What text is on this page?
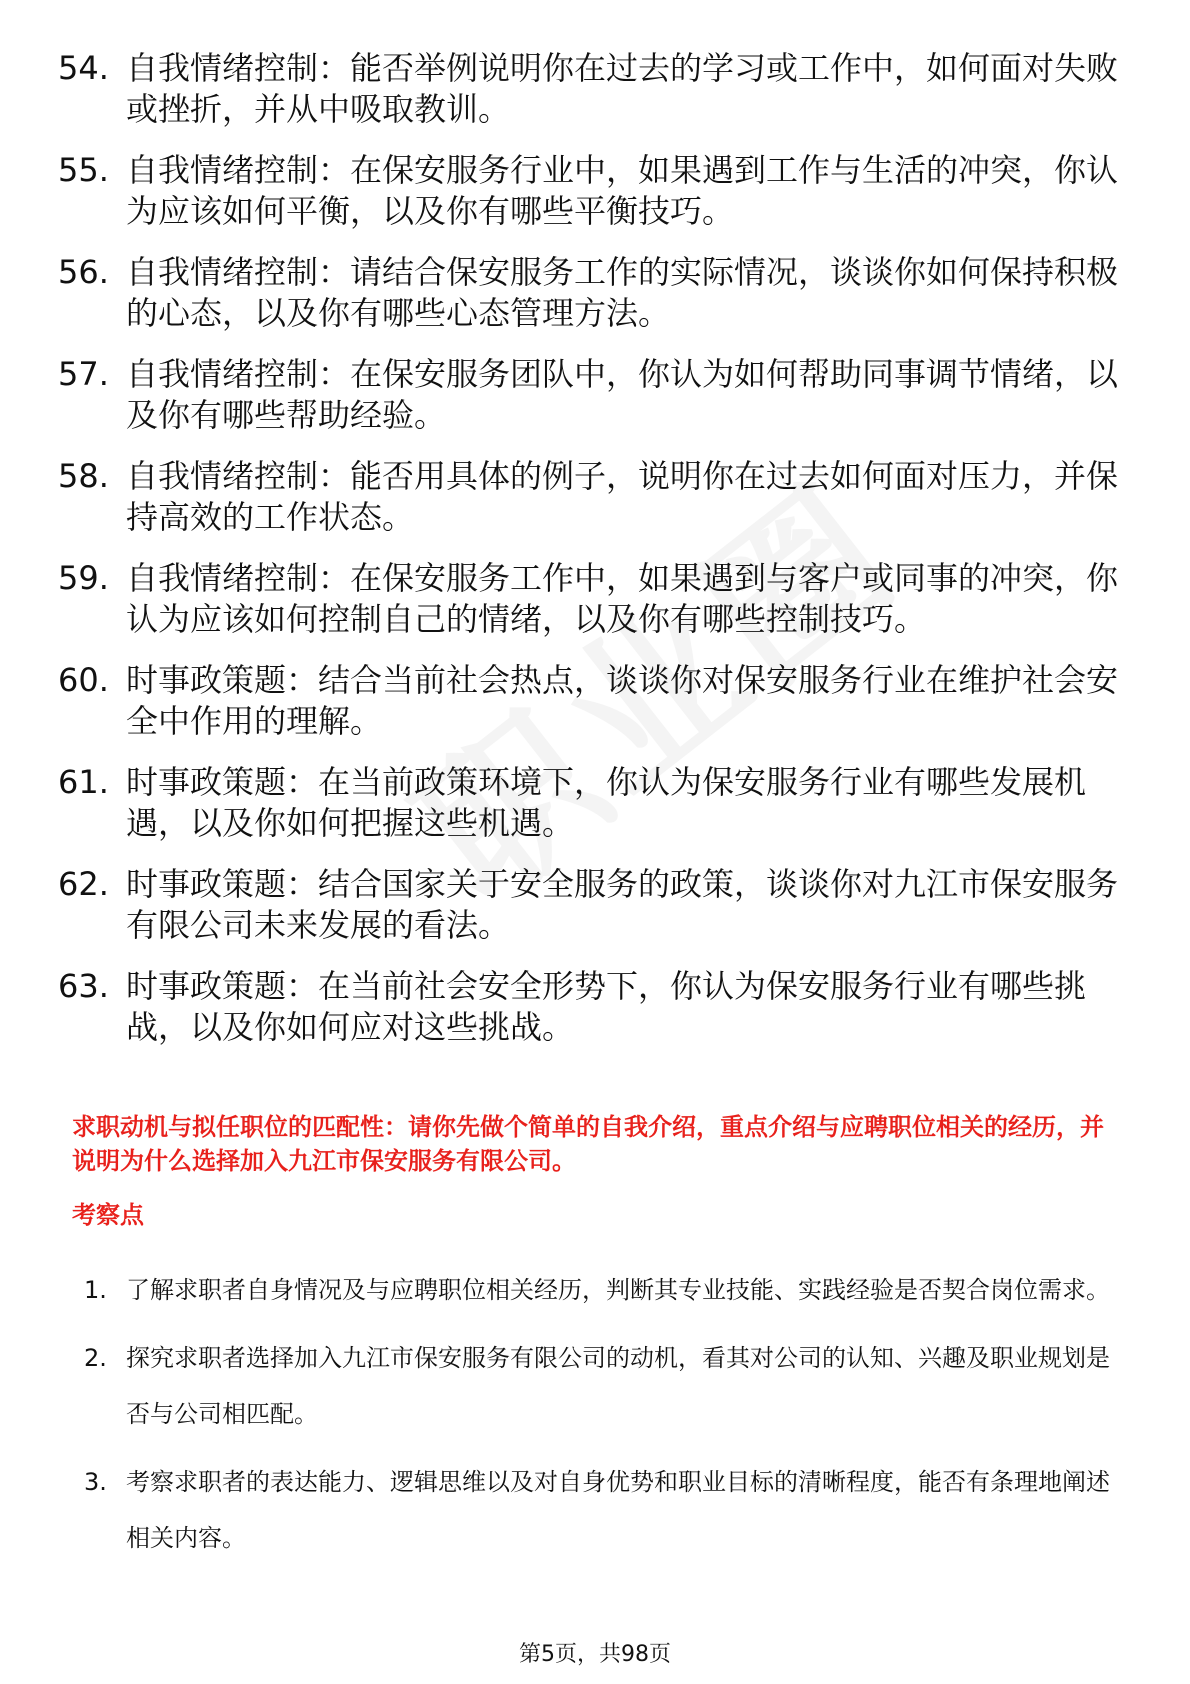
54. 自我情绪控制：能否举例说明你在过去的学习或工作中，如何面对失败或挫折，并从中吸取教训。
55. 自我情绪控制：在保安服务行业中，如果遇到工作与生活的冲突，你认为应该如何平衡，以及你有哪些平衡技巧。
56. 自我情绪控制：请结合保安服务工作的实际情况，谈谈你如何保持积极的心态，以及你有哪些心态管理方法。
57. 自我情绪控制：在保安服务团队中，你认为如何帮助同事调节情绪，以及你有哪些帮助经验。
58. 自我情绪控制：能否用具体的例子，说明你在过去如何面对压力，并保持高效的工作状态。
59. 自我情绪控制：在保安服务工作中，如果遇到与客户或同事的冲突，你认为应该如何控制自己的情绪，以及你有哪些控制技巧。
60. 时事政策题：结合当前社会热点，谈谈你对保安服务行业在维护社会安全中作用的理解。
61. 时事政策题：在当前政策环境下，你认为保安服务行业有哪些发展机遇，以及你如何把握这些机遇。
62. 时事政策题：结合国家关于安全服务的政策，谈谈你对九江市保安服务有限公司未来发展的看法。
63. 时事政策题：在当前社会安全形势下，你认为保安服务行业有哪些挑战，以及你如何应对这些挑战。
求职动机与拟任职位的匹配性：请你先做个简单的自我介绍，重点介绍与应聘职位相关的经历，并说明为什么选择加入九江市保安服务有限公司。
考察点
1. 了解求职者自身情况及与应聘职位相关经历，判断其专业技能、实践经验是否契合岗位需求。
2. 探究求职者选择加入九江市保安服务有限公司的动机，看其对公司的认知、兴趣及职业规划是否与公司相匹配。
3. 考察求职者的表达能力、逻辑思维以及对自身优势和职业目标的清晰程度，能否有条理地阐述相关内容。
第5页，共98页
